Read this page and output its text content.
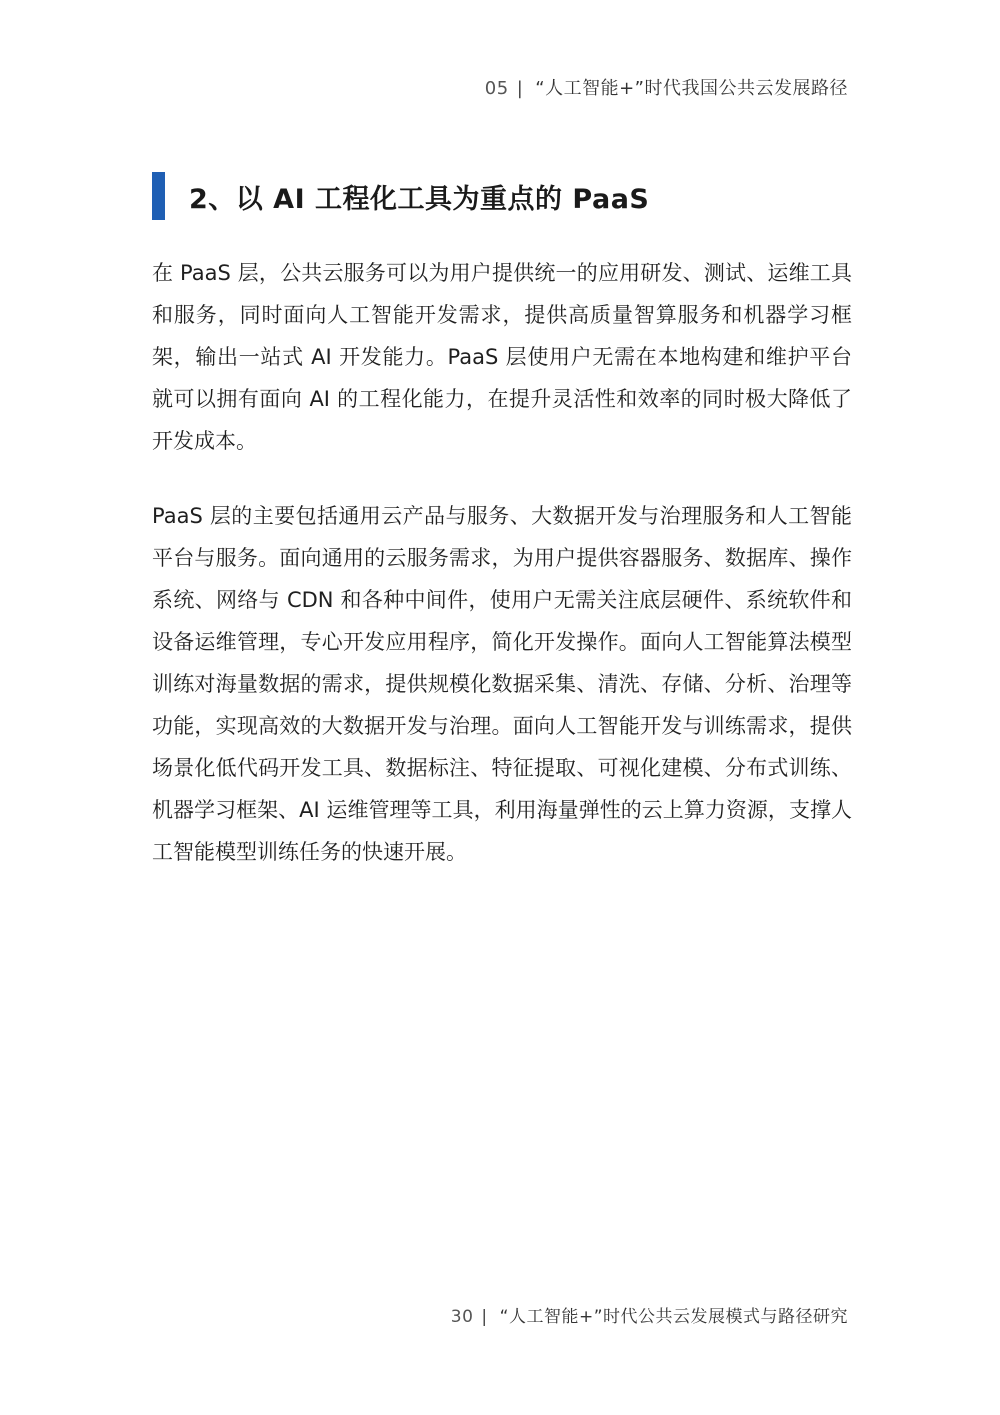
05 | “人工智能+”时代我国公共云发展路径
2、以 AI 工程化工具为重点的 PaaS

在 PaaS 层，公共云服务可以为用户提供统一的应用研发、测试、运维工具和服务，同时面向人工智能开发需求，提供高质量智算服务和机器学习框架，输出一站式 AI 开发能力。PaaS 层使用户无需在本地构建和维护平台就可以拥有面向 AI 的工程化能力，在提升灵活性和效率的同时极大降低了开发成本。

PaaS 层的主要包括通用云产品与服务、大数据开发与治理服务和人工智能平台与服务。面向通用的云服务需求，为用户提供容器服务、数据库、操作系统、网络与 CDN 和各种中间件，使用户无需关注底层硬件、系统软件和设备运维管理，专心开发应用程序，简化开发操作。面向人工智能算法模型训练对海量数据的需求，提供规模化数据采集、清洗、存储、分析、治理等功能，实现高效的大数据开发与治理。面向人工智能开发与训练需求，提供场景化低代码开发工具、数据标注、特征提取、可视化建模、分布式训练、机器学习框架、AI 运维管理等工具，利用海量弹性的云上算力资源，支撑人工智能模型训练任务的快速开展。

30 | “人工智能+”时代公共云发展模式与路径研究
